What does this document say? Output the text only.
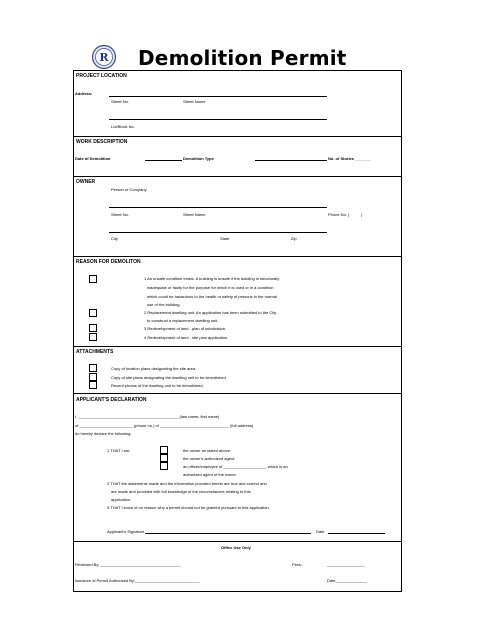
R Demolition Permit
PROJECT LOCATION
Address:
Street No.	Street Name
Lot/Block No.
WORK DESCRIPTION
Date of Demolition	Demolition Type	No. of Stories _______
OWNER
Person or Company
Street No.	Street Name	Phone No. (	)
City	State	Zip
REASON FOR DEMOLITON
1 An unsafe condition exists. A building is unsafe if the building is structurally
inadequate or faulty for the purpose for which it is used or in a condition
which could be hazardous to the health or safety of persons in the normal
use of the building.
2 Replacement dwelling unit. An application has been submitted to the City
to construct a replacement dwelling unit.
3 Redevelopment of land - plan of subdivision.
4 Redevelopment of land - site plan application.
ATTACHMENTS
Copy of location plans designating the site area.
Copy of site plans designating the dwelling unit to be demolished.
Recent photos of the dwelling unit to be demolished.
APPLICANT'S DECLARATION
I, _____________________________________________ (last name, first name)
of ________________________ (phone no.) of _______________________________ (full address)
do hereby declare the following:
1 THAT I am:	the owner as stated above.
the owner's authorized agent.
an officer/employee of ___________________, which is an
authorized agent of the owner.
2 THAT the statements made and the information provided herein are true and correct and
are made and provided with full knowledge of the circumstances relating to this
application.
3 THAT I know of no reason why a permit should not be granted pursuant to this application.
Applicant's Signature	Date
Office Use Only
Reviewed By: ____________________________________	Fees:	_________________
Issuance of Permit Authorized By:_____________________________	Date______________
